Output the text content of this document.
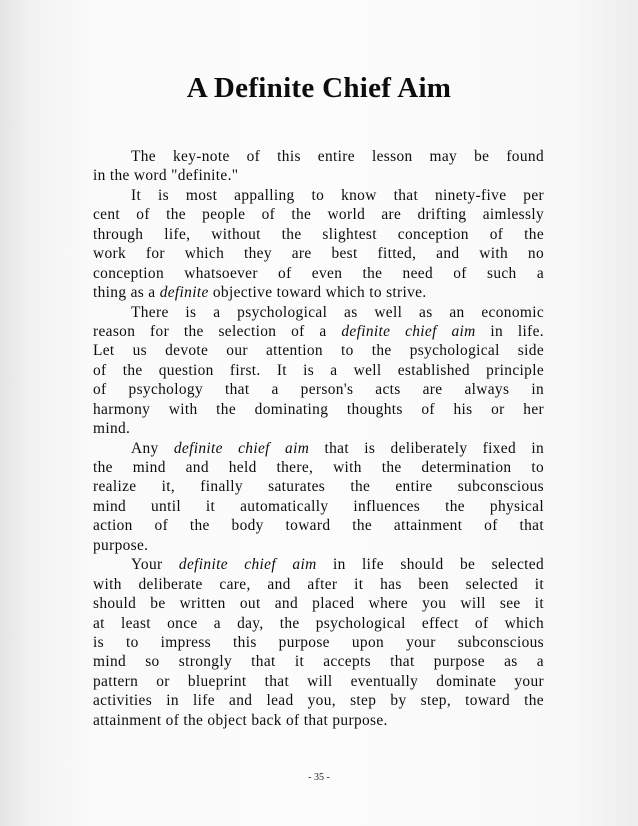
A Definite Chief Aim
The key-note of this entire lesson may be found
in the word "definite."
It is most appalling to know that ninety-five per
cent of the people of the world are drifting aimlessly
through life, without the slightest conception of the
work for which they are best fitted, and with no
conception whatsoever of even the need of such a
thing as a definite objective toward which to strive.
There is a psychological as well as an economic
reason for the selection of a definite chief aim in life.
Let us devote our attention to the psychological side
of the question first. It is a well established principle
of psychology that a person's acts are always in
harmony with the dominating thoughts of his or her
mind.
Any definite chief aim that is deliberately fixed in
the mind and held there, with the determination to
realize it, finally saturates the entire subconscious
mind until it automatically influences the physical
action of the body toward the attainment of that
purpose.
Your definite chief aim in life should be selected
with deliberate care, and after it has been selected it
should be written out and placed where you will see it
at least once a day, the psychological effect of which
is to impress this purpose upon your subconscious
mind so strongly that it accepts that purpose as a
pattern or blueprint that will eventually dominate your
activities in life and lead you, step by step, toward the
attainment of the object back of that purpose.
- 35 -
